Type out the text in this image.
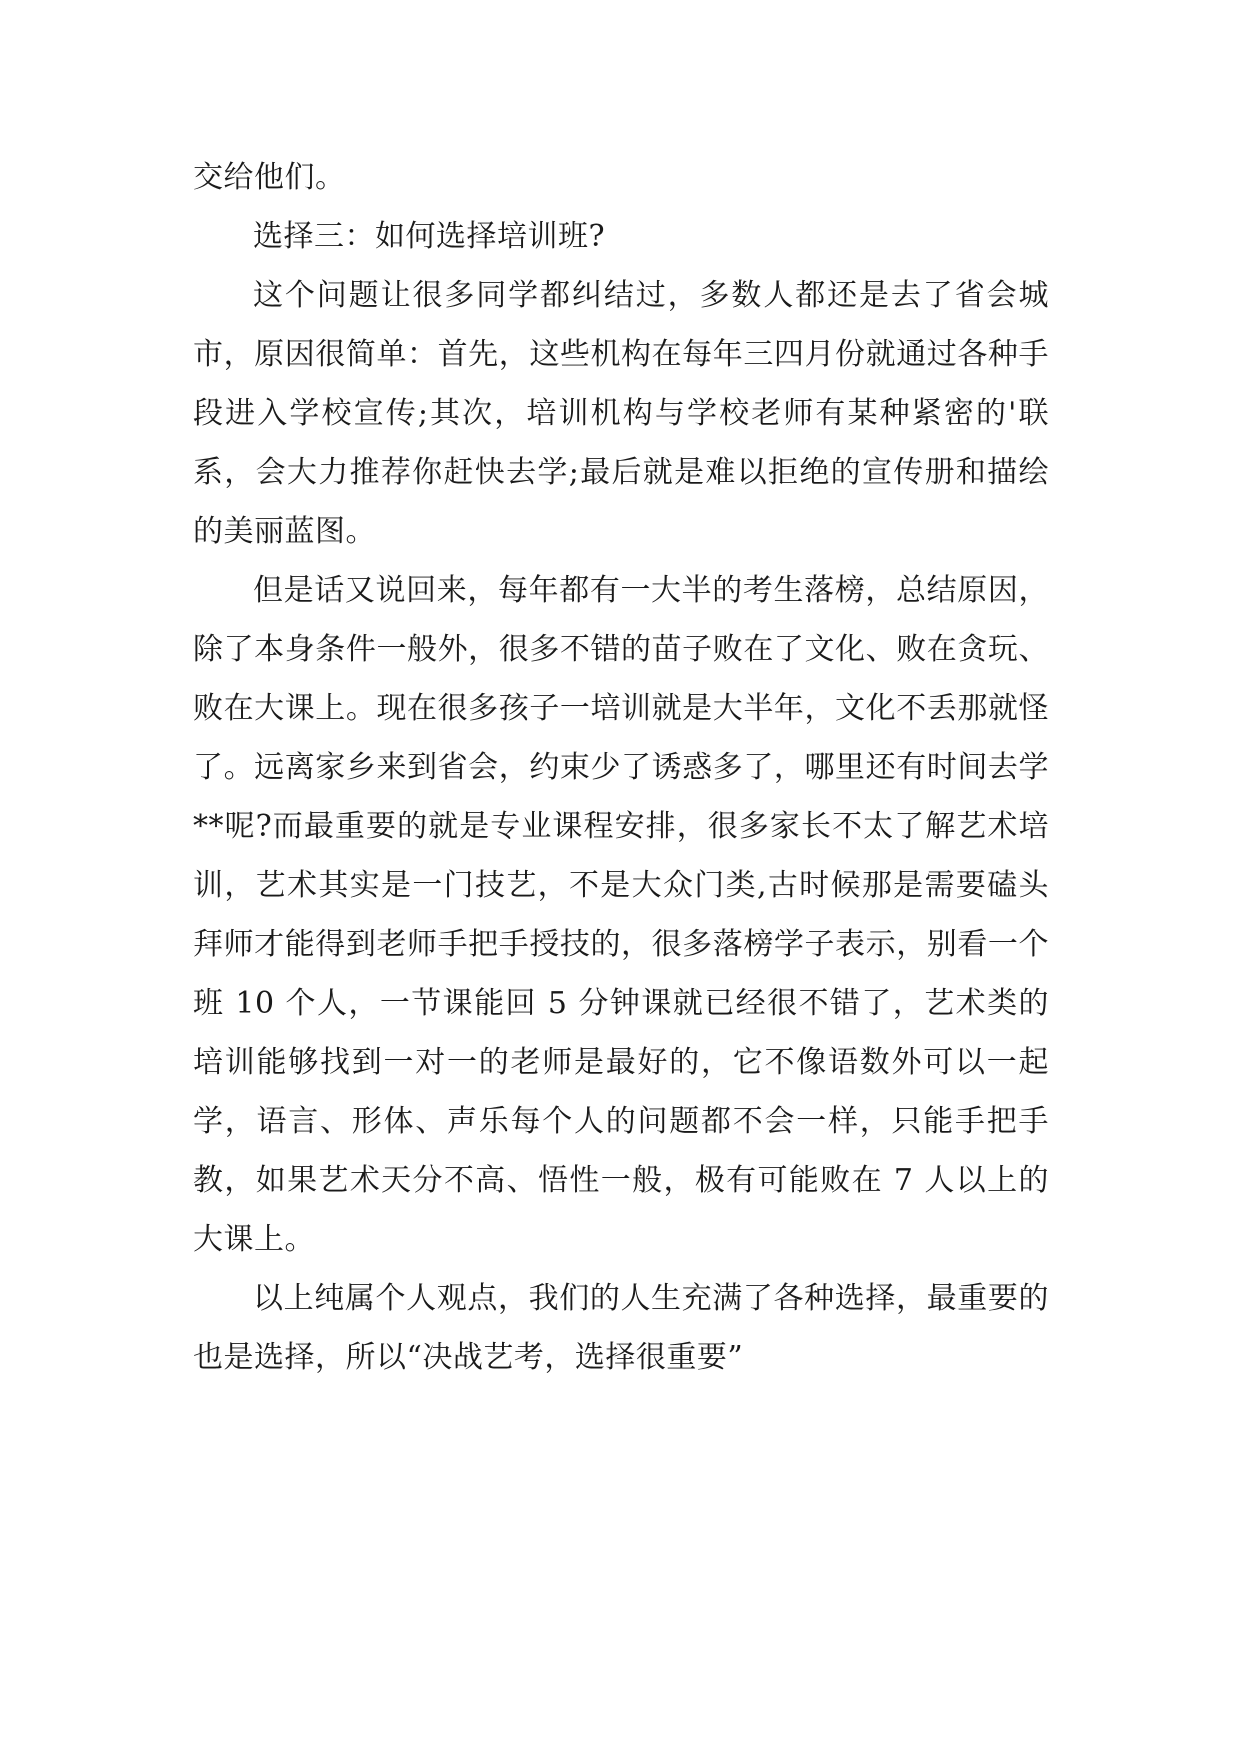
交给他们。

选择三：如何选择培训班?

这个问题让很多同学都纠结过，多数人都还是去了省会城市，原因很简单：首先，这些机构在每年三四月份就通过各种手段进入学校宣传;其次，培训机构与学校老师有某种紧密的'联系，会大力推荐你赶快去学;最后就是难以拒绝的宣传册和描绘的美丽蓝图。

但是话又说回来，每年都有一大半的考生落榜，总结原因，除了本身条件一般外，很多不错的苗子败在了文化、败在贪玩、败在大课上。现在很多孩子一培训就是大半年，文化不丢那就怪了。远离家乡来到省会，约束少了诱惑多了，哪里还有时间去学**呢?而最重要的就是专业课程安排，很多家长不太了解艺术培训，艺术其实是一门技艺，不是大众门类,古时候那是需要磕头拜师才能得到老师手把手授技的，很多落榜学子表示，别看一个班 10 个人，一节课能回 5 分钟课就已经很不错了，艺术类的培训能够找到一对一的老师是最好的，它不像语数外可以一起学，语言、形体、声乐每个人的问题都不会一样，只能手把手教，如果艺术天分不高、悟性一般，极有可能败在 7 人以上的大课上。

以上纯属个人观点，我们的人生充满了各种选择，最重要的也是选择，所以“决战艺考，选择很重要”
